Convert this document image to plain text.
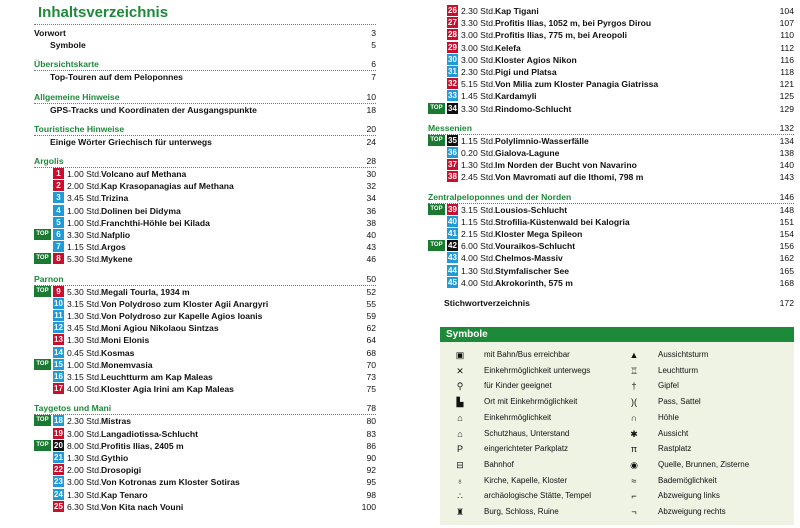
Inhaltsverzeichnis
Vorwort	3
Symbole	5
Übersichtskarte	6
Top-Touren auf dem Peloponnes	7
Allgemeine Hinweise	10
GPS-Tracks und Koordinaten der Ausgangspunkte	18
Touristische Hinweise	20
Einige Wörter Griechisch für unterwegs	24
Argolis	28
1 1.00 Std. Volcano auf Methana	30
2 2.00 Std. Kap Krasopanagias auf Methana	32
3 3.45 Std. Trizina	34
4 1.00 Std. Dolinen bei Didyma	36
5 1.00 Std. Franchthi-Höhle bei Kilada	38
TOP 6 3.30 Std. Nafplio	40
7 1.15 Std. Argos	43
TOP 8 5.30 Std. Mykene	46
Parnon	50
TOP 9 5.30 Std. Megali Tourla, 1934 m	52
10 3.15 Std. Von Polydroso zum Kloster Agii Anargyri	55
11 1.30 Std. Von Polydroso zur Kapelle Agios Ioanis	59
12 3.45 Std. Moni Agiou Nikolaou Sintzas	62
13 1.30 Std. Moni Elonis	64
14 0.45 Std. Kosmas	68
TOP 15 1.00 Std. Monemvasia	70
16 3.15 Std. Leuchtturm am Kap Maleas	73
17 4.00 Std. Kloster Agia Irini am Kap Maleas	75
Taygetos und Mani	78
TOP 18 2.30 Std. Mistras	80
19 3.00 Std. Langadiotissa-Schlucht	83
TOP 20 8.00 Std. Profitis Ilias, 2405 m	86
21 1.30 Std. Gythio	90
22 2.00 Std. Drosopigi	92
23 3.00 Std. Von Kotronas zum Kloster Sotiras	95
24 1.30 Std. Kap Tenaro	98
25 6.30 Std. Von Kita nach Vouni	100
26 2.30 Std. Kap Tigani	104
27 3.30 Std. Profitis Ilias, 1052 m, bei Pyrgos Dirou	107
28 3.00 Std. Profitis Ilias, 775 m, bei Areopoli	110
29 3.00 Std. Kelefa	112
30 3.00 Std. Kloster Agios Nikon	116
31 2.30 Std. Pigi und Platsa	118
32 5.15 Std. Von Milia zum Kloster Panagia Giatrissa	121
33 1.45 Std. Kardamyli	125
TOP 34 3.30 Std. Rindomo-Schlucht	129
Messenien	132
TOP 35 1.15 Std. Polylimnio-Wasserfälle	134
36 0.20 Std. Gialova-Lagune	138
37 1.30 Std. Im Norden der Bucht von Navarino	140
38 2.45 Std. Von Mavromati auf die Ithomi, 798 m	143
Zentralpeloponnes und der Norden	146
TOP 39 3.15 Std. Lousios-Schlucht	148
40 1.15 Std. Strofilia-Küstenwald bei Kalogria	151
41 2.15 Std. Kloster Mega Spileon	154
TOP 42 6.00 Std. Vouraikos-Schlucht	156
43 4.00 Std. Chelmos-Massiv	162
44 1.30 Std. Stymfalischer See	165
45 4.00 Std. Akrokorinth, 575 m	168
Stichwortverzeichnis	172
Symbole
▣ mit Bahn/Bus erreichbar
✕	Einkehrmöglichkeit unterwegs
⚲	für Kinder geeignet
▙	Ort mit Einkehrmöglichkeit
⌂	Einkehrmöglichkeit
⌂	Schutzhaus, Unterstand
P	eingerichteter Parkplatz
⊟	Bahnhof
♁	Kirche, Kapelle, Kloster
∴	archäologische Stätte, Tempel
♜ Burg, Schloss, Ruine
▲ Aussichtsturm
♖ Leuchtturm
†	Gipfel
)(	Pass, Sattel
∩	Höhle
✱	Aussicht
π	Rastplatz
◉	Quelle, Brunnen, Zisterne
≈	Bademöglichkeit
⌐	Abzweigung links
¬	Abzweigung rechts
